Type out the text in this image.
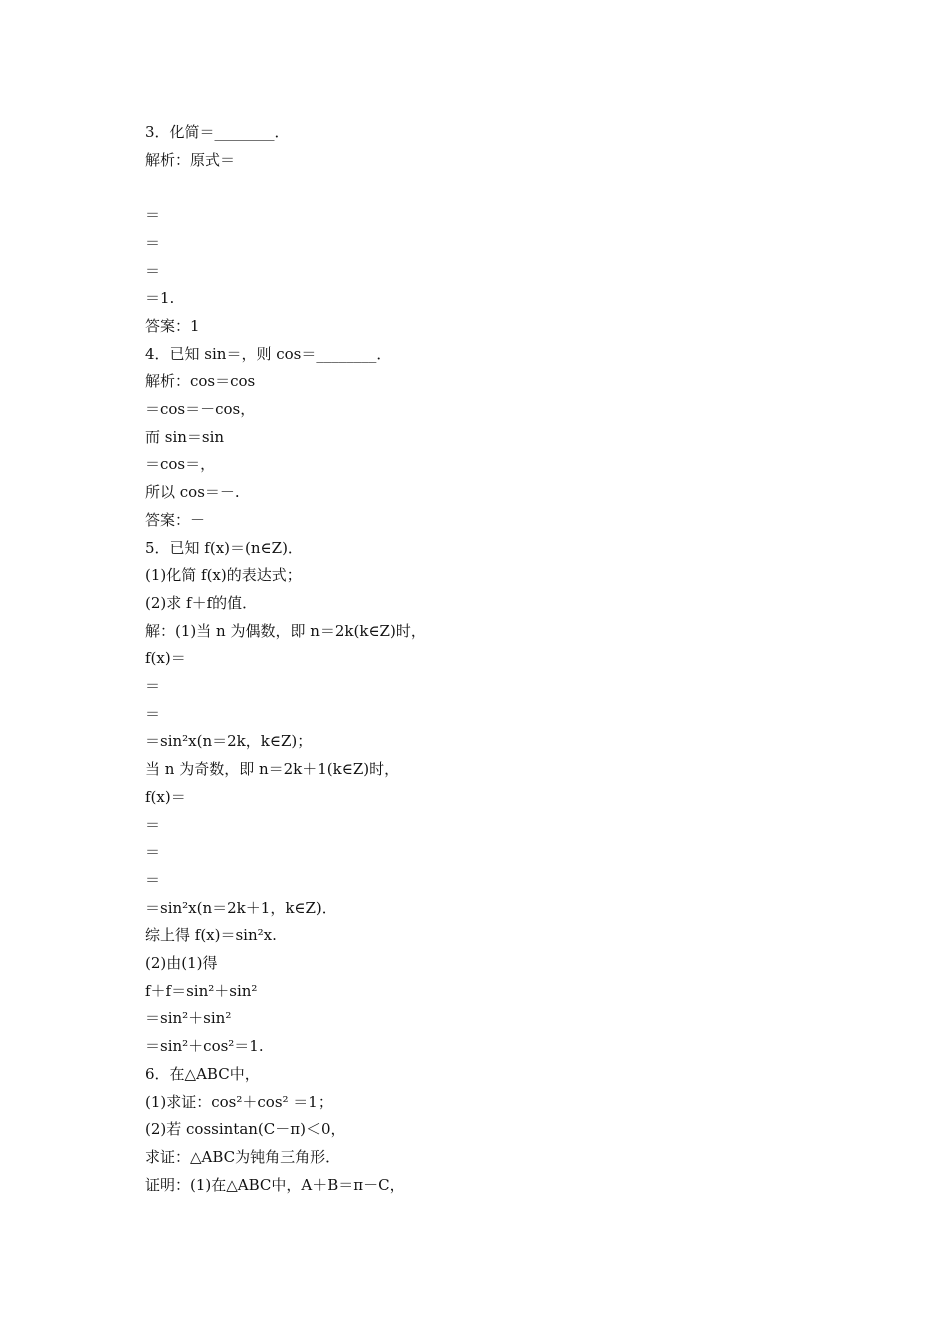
3．化简＝________．
解析：原式＝
＝
＝
＝
＝1.
答案：1
4．已知 sin＝，则 cos＝________．
解析：cos＝cos
＝cos＝－cos，
而 sin＝sin
＝cos＝，
所以 cos＝－.
答案：－
5．已知 f(x)＝(n∈Z)．
(1)化简 f(x)的表达式；
(2)求 f＋f的值．
解：(1)当 n 为偶数，即 n＝2k(k∈Z)时，
f(x)＝
＝
＝
＝sin²x(n＝2k，k∈Z)；
当 n 为奇数，即 n＝2k＋1(k∈Z)时，
f(x)＝
＝
＝
＝
＝sin²x(n＝2k＋1，k∈Z)．
综上得 f(x)＝sin²x.
(2)由(1)得
f＋f＝sin²＋sin²
＝sin²＋sin²
＝sin²＋cos²＝1.
6．在△ABC中，
(1)求证：cos²＋cos² ＝1；
(2)若 cossintan(C－π)＜0，
求证：△ABC为钝角三角形．
证明：(1)在△ABC中，A＋B＝π－C，
